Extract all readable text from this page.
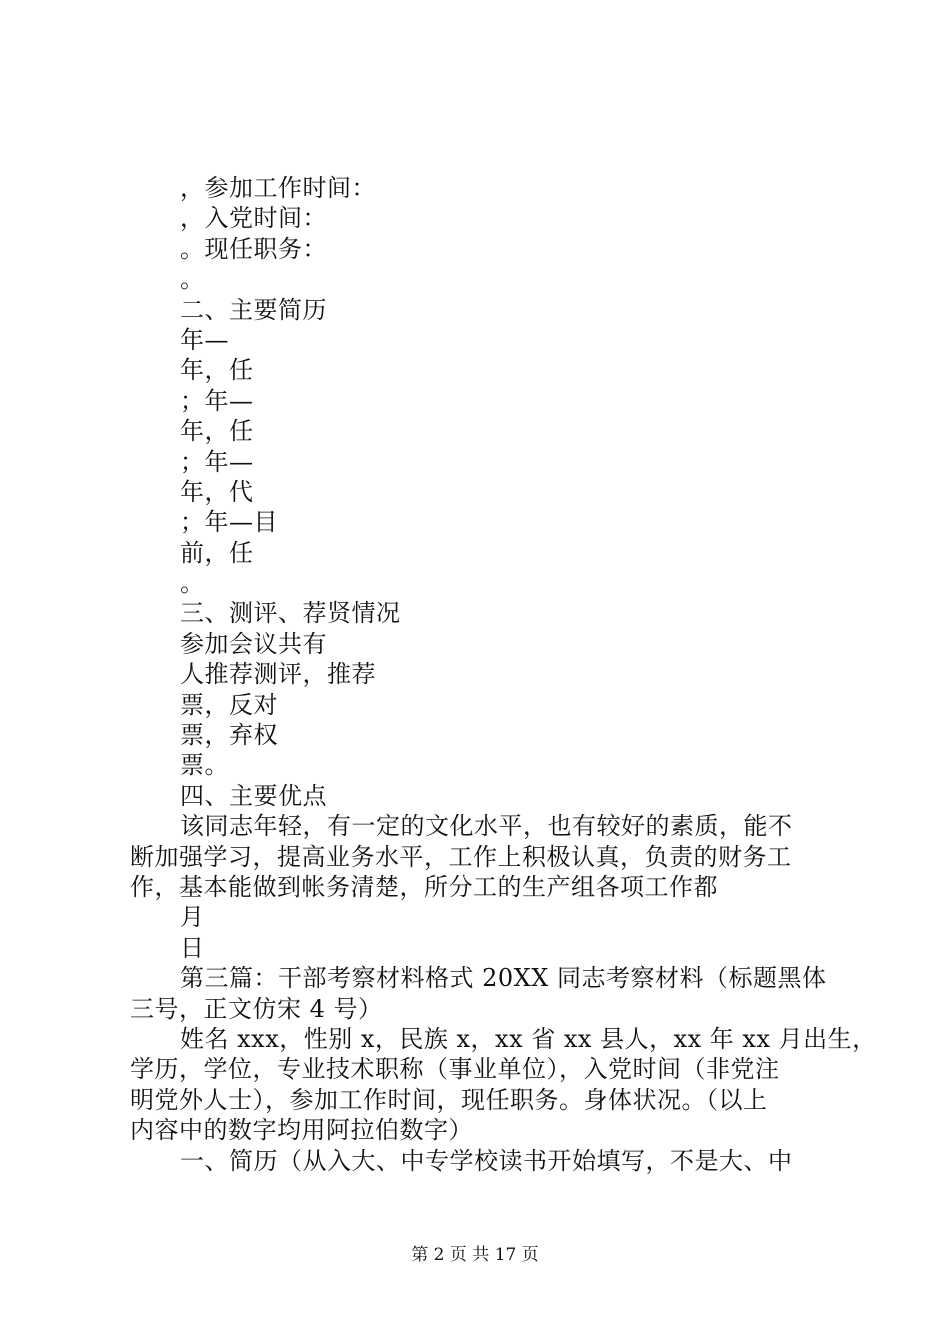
，参加工作时间：
，入党时间：
。现任职务：
。
二、主要简历
年—
年，任
；年—
年，任
；年—
年，代
；年—目
前，任
。
三、测评、荐贤情况
参加会议共有
人推荐测评，推荐
票，反对
票，弃权
票。
四、主要优点
该同志年轻，有一定的文化水平，也有较好的素质，能不
断加强学习，提高业务水平，工作上积极认真，负责的财务工
作，基本能做到帐务清楚，所分工的生产组各项工作都
月
日
第三篇：干部考察材料格式 20XX 同志考察材料（标题黑体
三号，正文仿宋 4 号）
姓名 xxx，性别 x，民族 x，xx 省 xx 县人，xx 年 xx 月出生，
学历，学位，专业技术职称（事业单位），入党时间（非党注
明党外人士），参加工作时间，现任职务。身体状况。（以上
内容中的数字均用阿拉伯数字）
一、简历（从入大、中专学校读书开始填写，不是大、中
第 2 页 共 17 页
